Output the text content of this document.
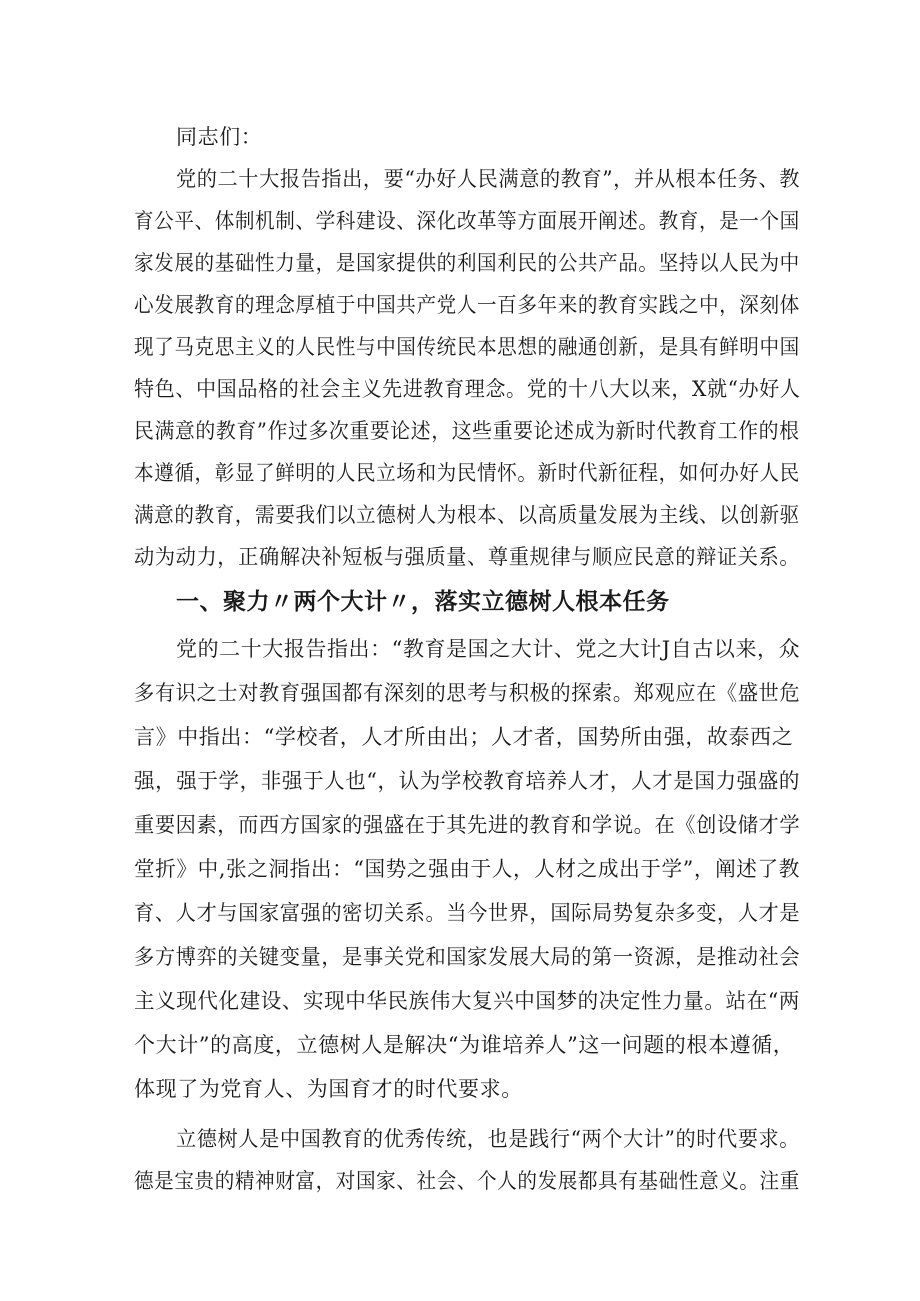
同志们：
党的二十大报告指出，要“办好人民满意的教育”，并从根本任务、教
育公平、体制机制、学科建设、深化改革等方面展开阐述。教育，是一个国
家发展的基础性力量，是国家提供的利国利民的公共产品。坚持以人民为中
心发展教育的理念厚植于中国共产党人一百多年来的教育实践之中，深刻体
现了马克思主义的人民性与中国传统民本思想的融通创新，是具有鲜明中国
特色、中国品格的社会主义先进教育理念。党的十八大以来，X就“办好人
民满意的教育”作过多次重要论述，这些重要论述成为新时代教育工作的根
本遵循，彰显了鲜明的人民立场和为民情怀。新时代新征程，如何办好人民
满意的教育，需要我们以立德树人为根本、以高质量发展为主线、以创新驱
动为动力，正确解决补短板与强质量、尊重规律与顺应民意的辩证关系。
一、聚力〃两个大计〃，落实立德树人根本任务
党的二十大报告指出：“教育是国之大计、党之大计J自古以来，众
多有识之士对教育强国都有深刻的思考与积极的探索。郑观应在《盛世危
言》中指出：“学校者，人才所由出；人才者，国势所由强，故泰西之
强，强于学，非强于人也“，认为学校教育培养人才，人才是国力强盛的
重要因素，而西方国家的强盛在于其先进的教育和学说。在《创设储才学
堂折》中,张之洞指出：“国势之强由于人，人材之成出于学”，阐述了教
育、人才与国家富强的密切关系。当今世界，国际局势复杂多变，人才是
多方博弈的关键变量，是事关党和国家发展大局的第一资源，是推动社会
主义现代化建设、实现中华民族伟大复兴中国梦的决定性力量。站在“两
个大计”的高度，立德树人是解决“为谁培养人”这一问题的根本遵循，
体现了为党育人、为国育才的时代要求。
立德树人是中国教育的优秀传统，也是践行“两个大计”的时代要求。
德是宝贵的精神财富，对国家、社会、个人的发展都具有基础性意义。注重
